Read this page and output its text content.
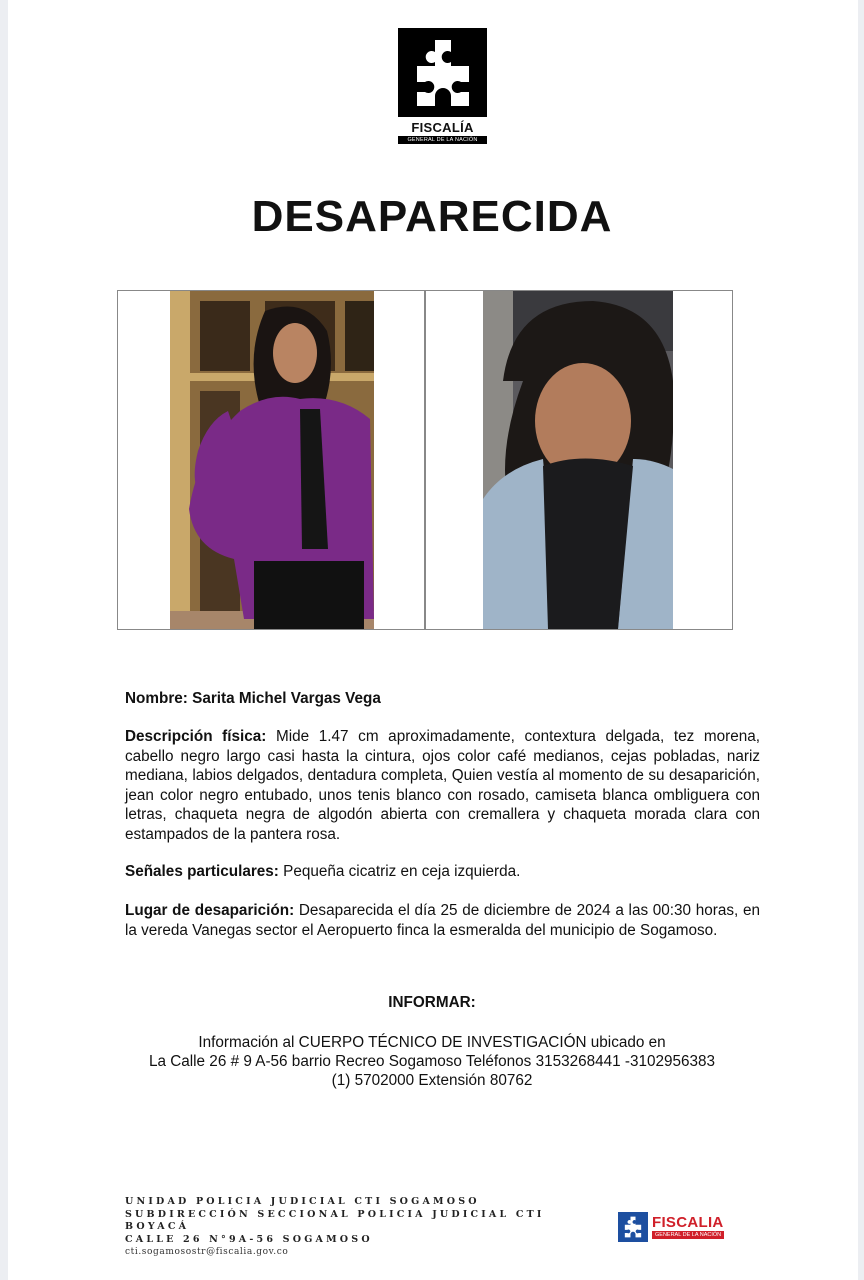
FISCALÍA
GENERAL DE LA NACIÓN
DESAPARECIDA
Nombre: Sarita Michel Vargas Vega
Descripción física: Mide 1.47 cm aproximadamente, contextura delgada, tez morena, cabello negro largo casi hasta la cintura, ojos color café medianos, cejas pobladas, nariz mediana, labios delgados, dentadura completa, Quien vestía al momento de su desaparición, jean color negro entubado, unos tenis blanco con rosado, camiseta blanca ombliguera con letras, chaqueta negra de algodón abierta con cremallera y chaqueta morada clara con estampados de la pantera rosa.
Señales particulares: Pequeña cicatriz en ceja izquierda.
Lugar de desaparición: Desaparecida el día 25 de diciembre de 2024 a las 00:30 horas, en la vereda Vanegas sector el Aeropuerto finca la esmeralda del municipio de Sogamoso.
INFORMAR:
Información al CUERPO TÉCNICO DE INVESTIGACIÓN ubicado en
La Calle 26 # 9 A-56 barrio Recreo Sogamoso Teléfonos 3153268441 -3102956383
(1) 5702000 Extensión 80762
UNIDAD POLICIA JUDICIAL CTI SOGAMOSO
SUBDIRECCIÓN SECCIONAL POLICIA JUDICIAL CTI
BOYACÁ
CALLE 26 N°9A-56 SOGAMOSO
cti.sogamosostr@fiscalia.gov.co
FISCALIA
GENERAL DE LA NACIÓN
